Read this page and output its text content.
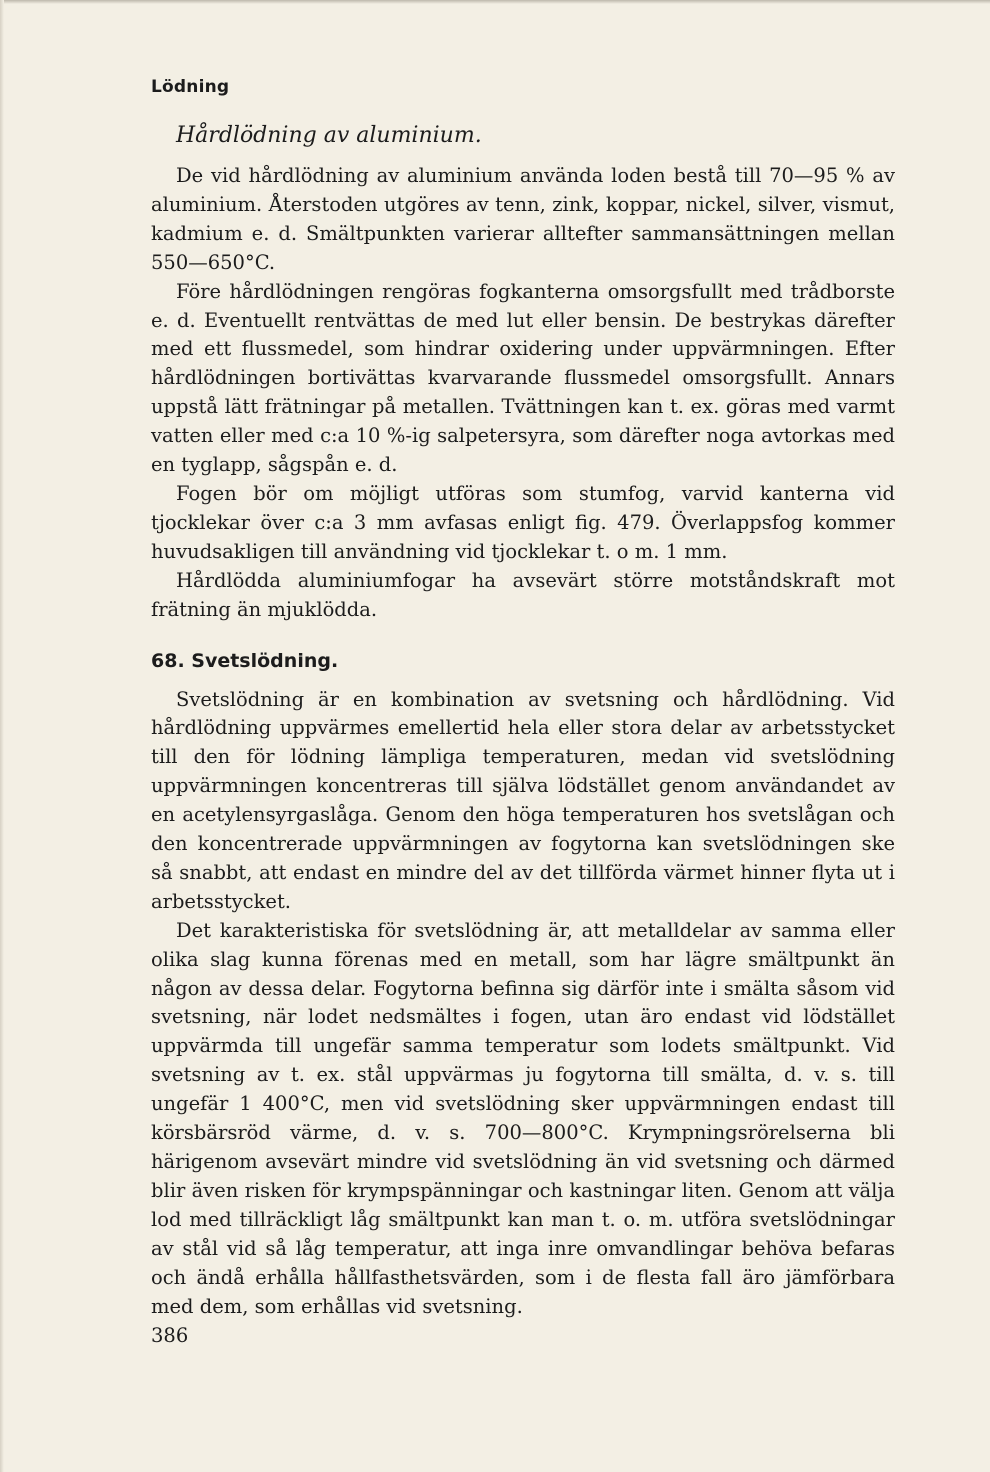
Lödning
Hårdlödning av aluminium.

De vid hårdlödning av aluminium använda loden bestå till 70—95 % av aluminium. Återstoden utgöres av tenn, zink, koppar, nickel, silver, vismut, kadmium e. d. Smältpunkten varierar alltefter sammansättningen mellan 550—650°C.

Före hårdlödningen rengöras fogkanterna omsorgsfullt med trådborste e. d. Eventuellt rentvättas de med lut eller bensin. De bestrykas därefter med ett flussmedel, som hindrar oxidering under uppvärmningen. Efter hårdlödningen bortivättas kvarvarande flussmedel omsorgsfullt. Annars uppstå lätt frätningar på metallen. Tvättningen kan t. ex. göras med varmt vatten eller med c:a 10 %-ig salpetersyra, som därefter noga avtorkas med en tyglapp, sågspån e. d.

Fogen bör om möjligt utföras som stumfog, varvid kanterna vid tjocklekar över c:a 3 mm avfasas enligt fig. 479. Överlappsfog kommer huvudsakligen till användning vid tjocklekar t. o m. 1 mm.

Hårdlödda aluminiumfogar ha avsevärt större motståndskraft mot frätning än mjuklödda.

68. Svetslödning.

Svetslödning är en kombination av svetsning och hårdlödning. Vid hårdlödning uppvärmes emellertid hela eller stora delar av arbetsstycket till den för lödning lämpliga temperaturen, medan vid svetslödning uppvärmningen koncentreras till själva lödstället genom användandet av en acetylensyrgaslåga. Genom den höga temperaturen hos svetslågan och den koncentrerade uppvärmningen av fogytorna kan svetslödningen ske så snabbt, att endast en mindre del av det tillförda värmet hinner flyta ut i arbetsstycket.

Det karakteristiska för svetslödning är, att metalldelar av samma eller olika slag kunna förenas med en metall, som har lägre smältpunkt än någon av dessa delar. Fogytorna befinna sig därför inte i smälta såsom vid svetsning, när lodet nedsmältes i fogen, utan äro endast vid lödstället uppvärmda till ungefär samma temperatur som lodets smältpunkt. Vid svetsning av t. ex. stål uppvärmas ju fogytorna till smälta, d. v. s. till ungefär 1 400°C, men vid svetslödning sker uppvärmningen endast till körsbärsröd värme, d. v. s. 700—800°C. Krympningsrörelserna bli härigenom avsevärt mindre vid svetslödning än vid svetsning och därmed blir även risken för krympspänningar och kastningar liten. Genom att välja lod med tillräckligt låg smältpunkt kan man t. o. m. utföra svetslödningar av stål vid så låg temperatur, att inga inre omvandlingar behöva befaras och ändå erhålla hållfasthetsvärden, som i de flesta fall äro jämförbara med dem, som erhållas vid svetsning.

386
